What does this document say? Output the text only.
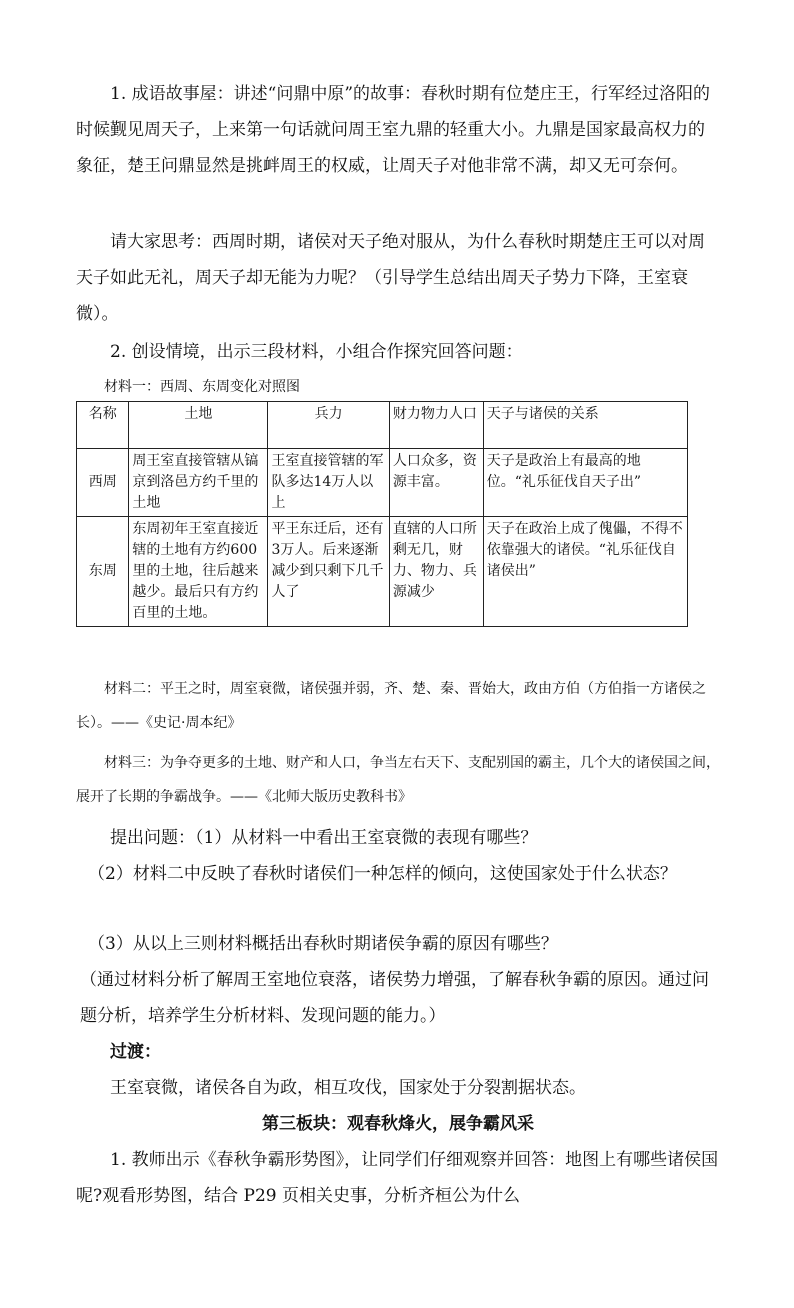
1. 成语故事屋：讲述“问鼎中原”的故事：春秋时期有位楚庄王，行军经过洛阳的时候觐见周天子，上来第一句话就问周王室九鼎的轻重大小。九鼎是国家最高权力的象征，楚王问鼎显然是挑衅周王的权威，让周天子对他非常不满，却又无可奈何。

请大家思考：西周时期，诸侯对天子绝对服从，为什么春秋时期楚庄王可以对周天子如此无礼，周天子却无能为力呢？（引导学生总结出周天子势力下降，王室衰微）。

2. 创设情境，出示三段材料，小组合作探究回答问题：

材料一：西周、东周变化对照图

名称	土地	兵力	财力物力人口	天子与诸侯的关系
西周	周王室直接管辖从镐京到洛邑方约千里的土地	王室直接管辖的军队多达14万人以上	人口众多，资源丰富。	天子是政治上有最高的地位。“礼乐征伐自天子出”
东周	东周初年王室直接近辖的土地有方约600里的土地，往后越来越少。最后只有方约百里的土地。	平王东迁后，还有3万人。后来逐渐减少到只剩下几千人了	直辖的人口所剩无几，财力、物力、兵源减少	天子在政治上成了傀儡，不得不依靠强大的诸侯。“礼乐征伐自诸侯出”

材料二：平王之时，周室衰微，诸侯强并弱，齐、楚、秦、晋始大，政由方伯（方伯指一方诸侯之长）。——《史记·周本纪》

材料三：为争夺更多的土地、财产和人口，争当左右天下、支配别国的霸主，几个大的诸侯国之间，展开了长期的争霸战争。——《北师大版历史教科书》

提出问题：（1）从材料一中看出王室衰微的表现有哪些？

（2）材料二中反映了春秋时诸侯们一种怎样的倾向，这使国家处于什么状态？

（3）从以上三则材料概括出春秋时期诸侯争霸的原因有哪些？

（通过材料分析了解周王室地位衰落，诸侯势力增强，了解春秋争霸的原因。通过问题分析，培养学生分析材料、发现问题的能力。）

过渡：

王室衰微，诸侯各自为政，相互攻伐，国家处于分裂割据状态。

第三板块：观春秋烽火，展争霸风采

1. 教师出示《春秋争霸形势图》，让同学们仔细观察并回答：地图上有哪些诸侯国呢?观看形势图，结合 P29 页相关史事，分析齐桓公为什么
